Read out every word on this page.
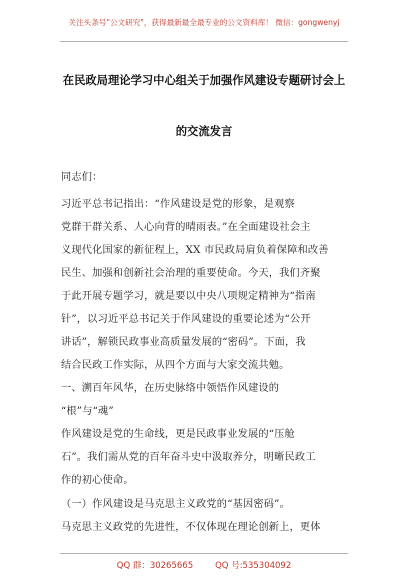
关注头条号"公文研究"，获得最新最全最专业的公文资料库！ 微信：gongwenyj
在民政局理论学习中心组关于加强作风建设专题研讨会上
的交流发言
同志们：
习近平总书记指出：“作风建设是党的形象，是观察
党群干群关系、人心向背的晴雨表。”在全面建设社会主
义现代化国家的新征程上，XX 市民政局肩负着保障和改善
民生、加强和创新社会治理的重要使命。今天，我们齐聚
于此开展专题学习，就是要以中央八项规定精神为“指南
针”，以习近平总书记关于作风建设的重要论述为“公开
讲话”，解锁民政事业高质量发展的“密码”。下面，我
结合民政工作实际，从四个方面与大家交流共勉。
一、溯百年风华，在历史脉络中领悟作风建设的
“根”与“魂”
作风建设是党的生命线，更是民政事业发展的“压舱
石”。我们需从党的百年奋斗史中汲取养分，明晰民政工
作的初心使命。
（一）作风建设是马克思主义政党的“基因密码”。
马克思主义政党的先进性，不仅体现在理论创新上，更体
QQ 群：30265665	QQ 号:535304092
